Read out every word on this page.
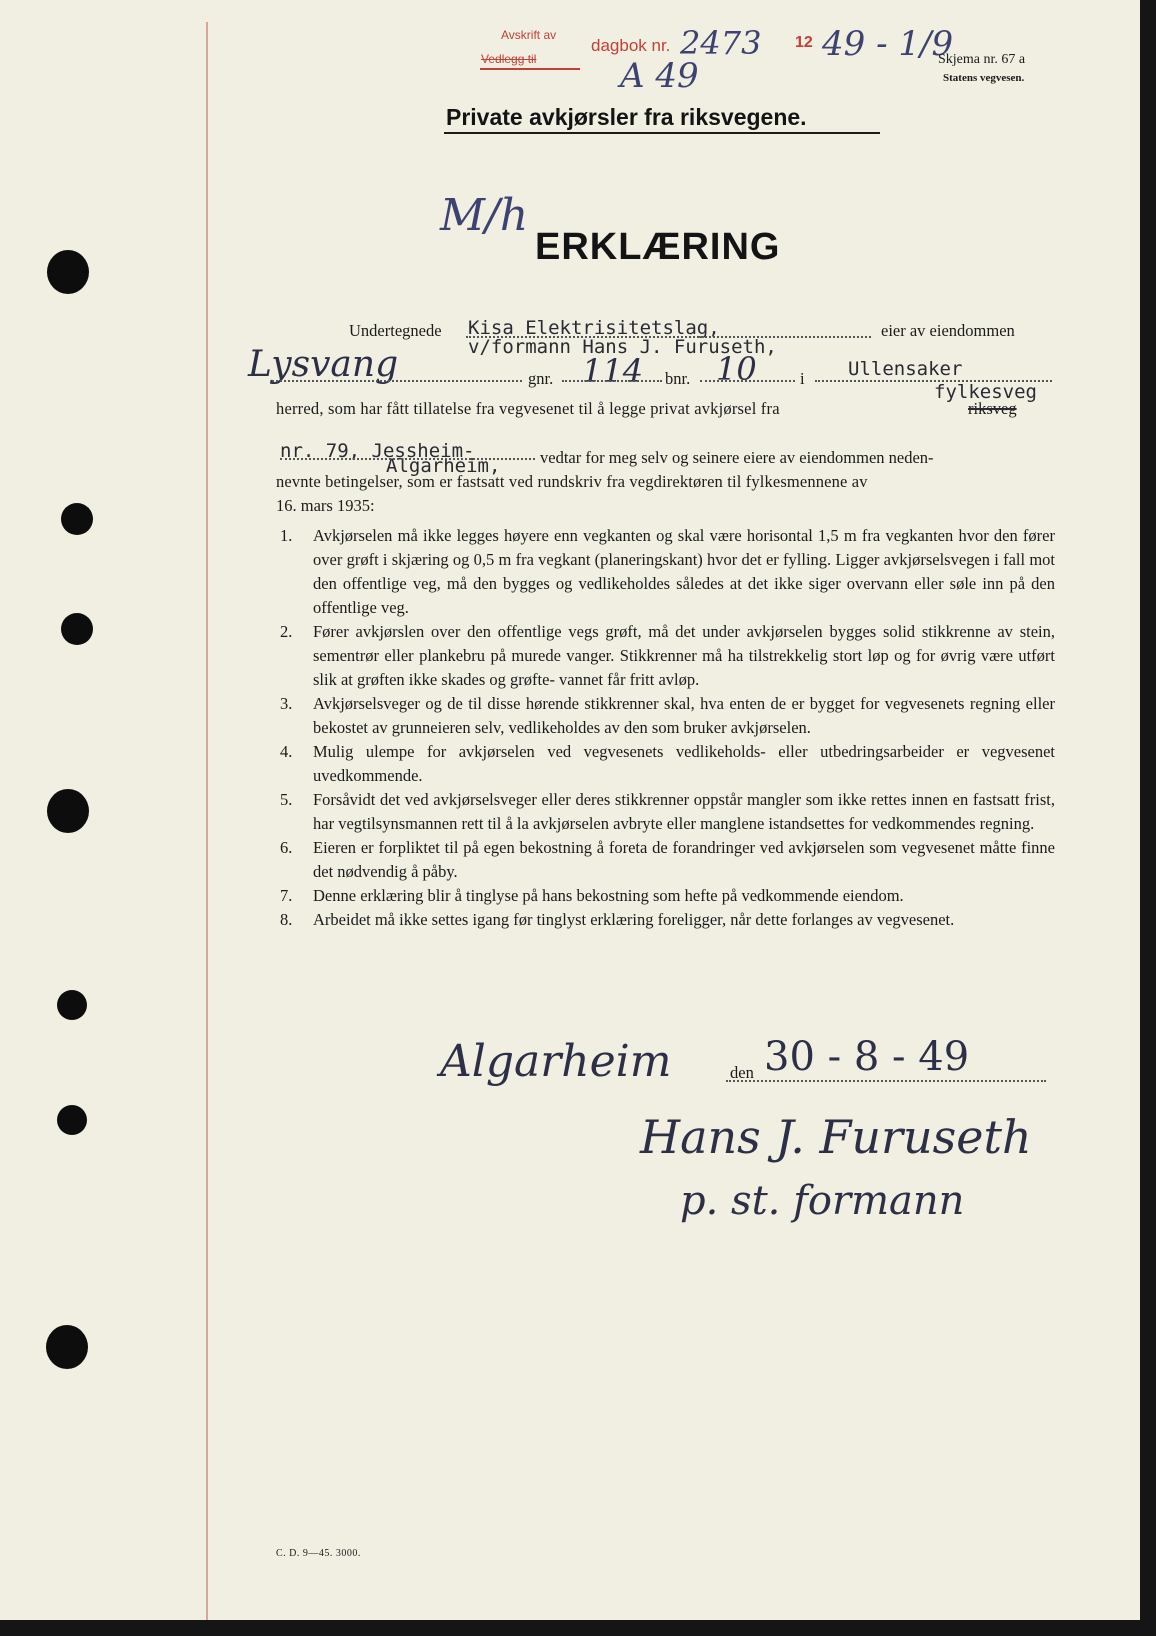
Avskrift av
Vedlegg til
dagbok nr. 2473 12 49 - 1/9
A 49	Skjema nr. 67 a
Statens vegvesen.
Private avkjørsler fra riksvegene.
M/h
ERKLÆRING
Undertegnede Kisa Elektrisitetslag,	eier av eiendommen
v/formann Hans J. Furuseth,
Lysvang	gnr. 114 bnr. 10	i Ullensaker
fylkesveg
herred, som har fått tillatelse fra vegvesenet til å legge privat avkjørsel fra	riksveg
nr. 79, Jessheim-
Algarheim, vedtar for meg selv og seinere eiere av eiendommen neden-
nevnte betingelser, som er fastsatt ved rundskriv fra vegdirektøren til fylkesmennene av
16. mars 1935:
1.	Avkjørselen må ikke legges høyere enn vegkanten og skal være horisontal 1,5 m fra vegkanten hvor den fører over grøft i skjæring og 0,5 m fra vegkant (planeringskant) hvor det er fylling. Ligger avkjørselsvegen i fall mot den offentlige veg, må den bygges og vedlikeholdes således at det ikke siger overvann eller søle inn på den offentlige veg.
2.	Fører avkjørslen over den offentlige vegs grøft, må det under avkjørselen bygges solid stikkrenne av stein, sementrør eller plankebru på murede vanger. Stikkrenner må ha tilstrekkelig stort løp og for øvrig være utført slik at grøften ikke skades og grøfte- vannet får fritt avløp.
3.	Avkjørselsveger og de til disse hørende stikkrenner skal, hva enten de er bygget for vegvesenets regning eller bekostet av grunneieren selv, vedlikeholdes av den som bruker avkjørselen.
4.	Mulig ulempe for avkjørselen ved vegvesenets vedlikeholds- eller utbedringsarbeider er vegvesenet uvedkommende.
5.	Forsåvidt det ved avkjørselsveger eller deres stikkrenner oppstår mangler som ikke rettes innen en fastsatt frist, har vegtilsynsmannen rett til å la avkjørselen avbryte eller manglene istandsettes for vedkommendes regning.
6.	Eieren er forpliktet til på egen bekostning å foreta de forandringer ved avkjørselen som vegvesenet måtte finne det nødvendig å påby.
7.	Denne erklæring blir å tinglyse på hans bekostning som hefte på vedkommende eiendom.
8.	Arbeidet må ikke settes igang før tinglyst erklæring foreligger, når dette forlanges av vegvesenet.
Algarheim	den 30 - 8 - 49
Hans J. Furuseth
p. st. formann
C. D. 9—45. 3000.
